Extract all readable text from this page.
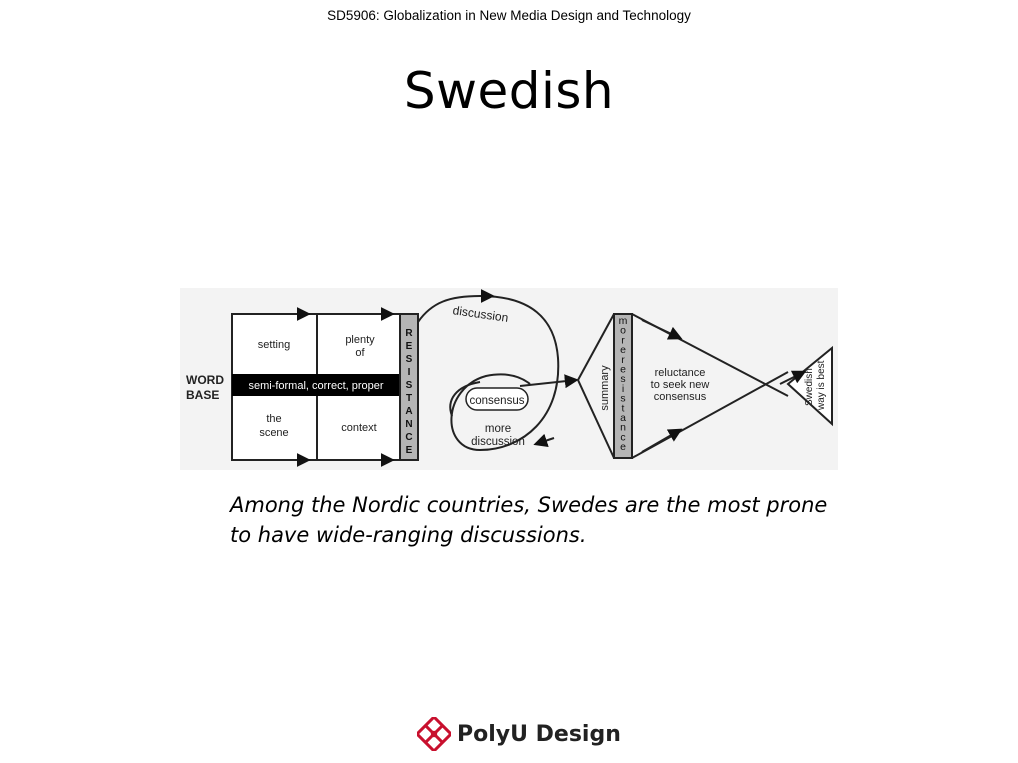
SD5906: Globalization in New Media Design and Technology
Swedish
WORD
BASE
setting	plenty
of
semi-formal, correct, proper
the
scene	context
R
E
S
I
S
T
A
N
C
E
discussion
consensus
more
discussion
summary
m
o
r
e
r
e
s
i
s
t
a
n
c
e
reluctance
to seek new
consensus	Swedish way is best
Among the Nordic countries, Swedes are the most prone
to have wide-ranging discussions.
PolyU Design
